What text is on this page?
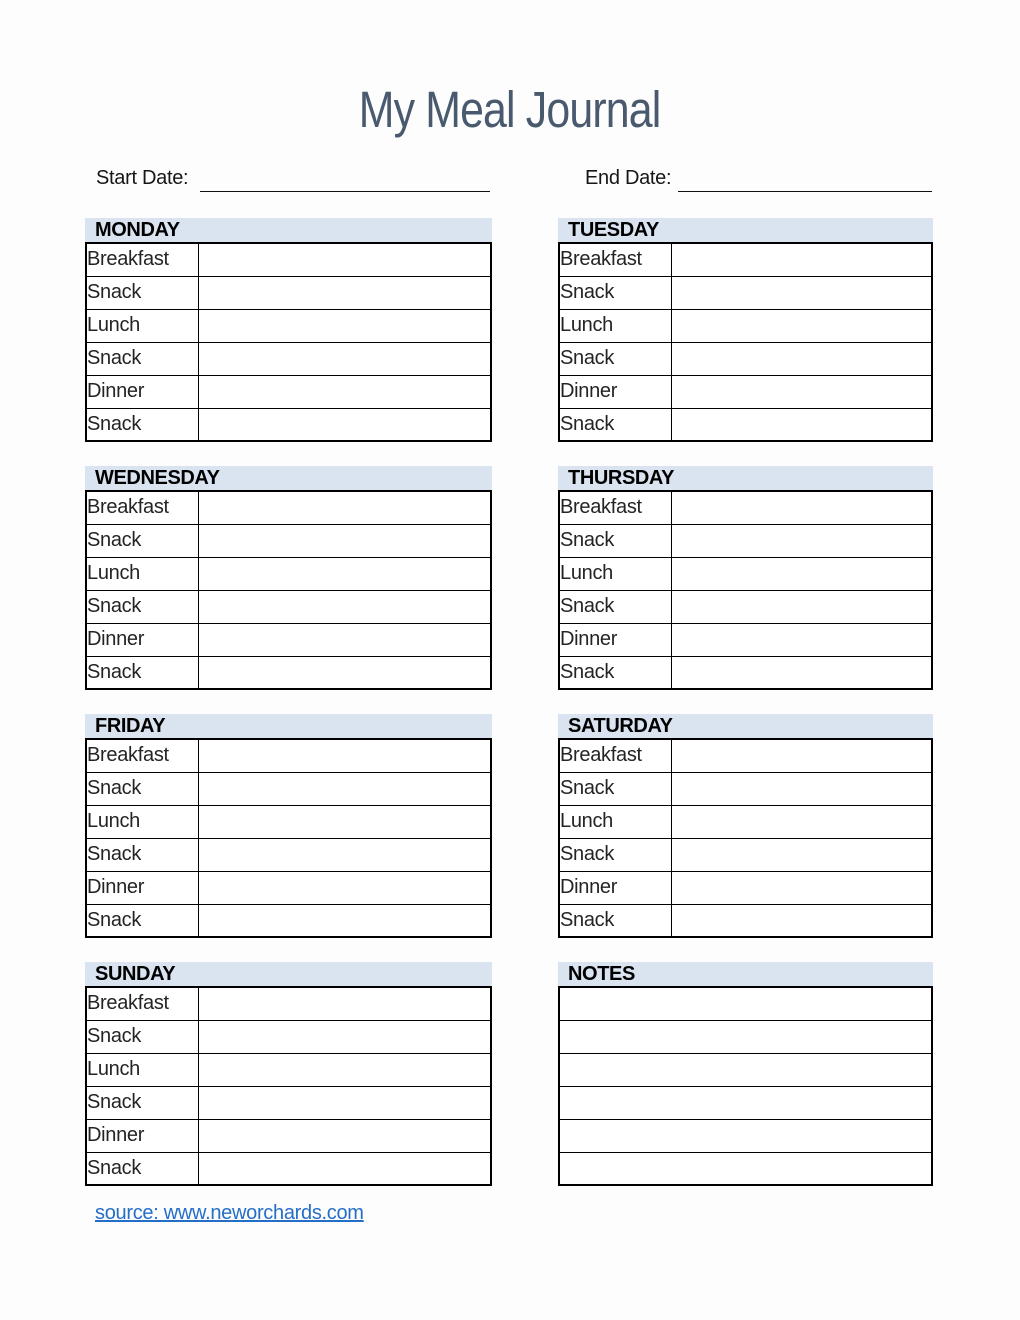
My Meal Journal
Start Date:	End Date:
MONDAY
Breakfast	
Snack	
Lunch	
Snack	
Dinner	
Snack	
TUESDAY
Breakfast	
Snack	
Lunch	
Snack	
Dinner	
Snack	
WEDNESDAY
Breakfast	
Snack	
Lunch	
Snack	
Dinner	
Snack	
THURSDAY
Breakfast	
Snack	
Lunch	
Snack	
Dinner	
Snack	
FRIDAY
Breakfast	
Snack	
Lunch	
Snack	
Dinner	
Snack	
SATURDAY
Breakfast	
Snack	
Lunch	
Snack	
Dinner	
Snack	
SUNDAY
Breakfast	
Snack	
Lunch	
Snack	
Dinner	
Snack	
NOTES

source: www.neworchards.com
